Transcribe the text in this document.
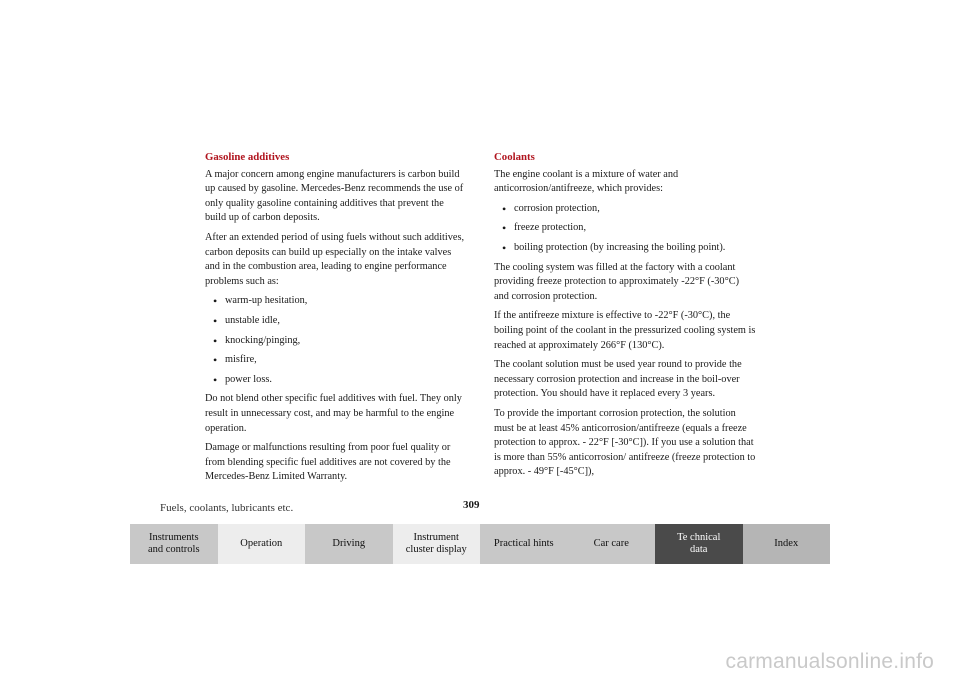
Gasoline additives
A major concern among engine manufacturers is carbon build up caused by gasoline. Mercedes-Benz recommends the use of only quality gasoline containing additives that prevent the build up of carbon deposits.
After an extended period of using fuels without such additives, carbon deposits can build up especially on the intake valves and in the combustion area, leading to engine performance problems such as:
• warm-up hesitation,
• unstable idle,
• knocking/pinging,
• misfire,
• power loss.
Do not blend other specific fuel additives with fuel. They only result in unnecessary cost, and may be harmful to the engine operation.
Damage or malfunctions resulting from poor fuel quality or from blending specific fuel additives are not covered by the Mercedes-Benz Limited Warranty.
Coolants
The engine coolant is a mixture of water and anticorrosion/antifreeze, which provides:
• corrosion protection,
• freeze protection,
• boiling protection (by increasing the boiling point).
The cooling system was filled at the factory with a coolant providing freeze protection to approximately -22°F (-30°C) and corrosion protection.
If the antifreeze mixture is effective to -22°F (-30°C), the boiling point of the coolant in the pressurized cooling system is reached at approximately 266°F (130°C).
The coolant solution must be used year round to provide the necessary corrosion protection and increase in the boil-over protection. You should have it replaced every 3 years.
To provide the important corrosion protection, the solution must be at least 45% anticorrosion/antifreeze (equals a freeze protection to approx. - 22°F [-30°C]). If you use a solution that is more than 55% anticorrosion/ antifreeze (freeze protection to approx. - 49°F [-45°C]),
309
Fuels, coolants, lubricants etc.
Instruments
and controls
Operation	Driving
Instrument
cluster display
Practical hints	Car care
Te chnical
data
Index
carmanualsonline.info
